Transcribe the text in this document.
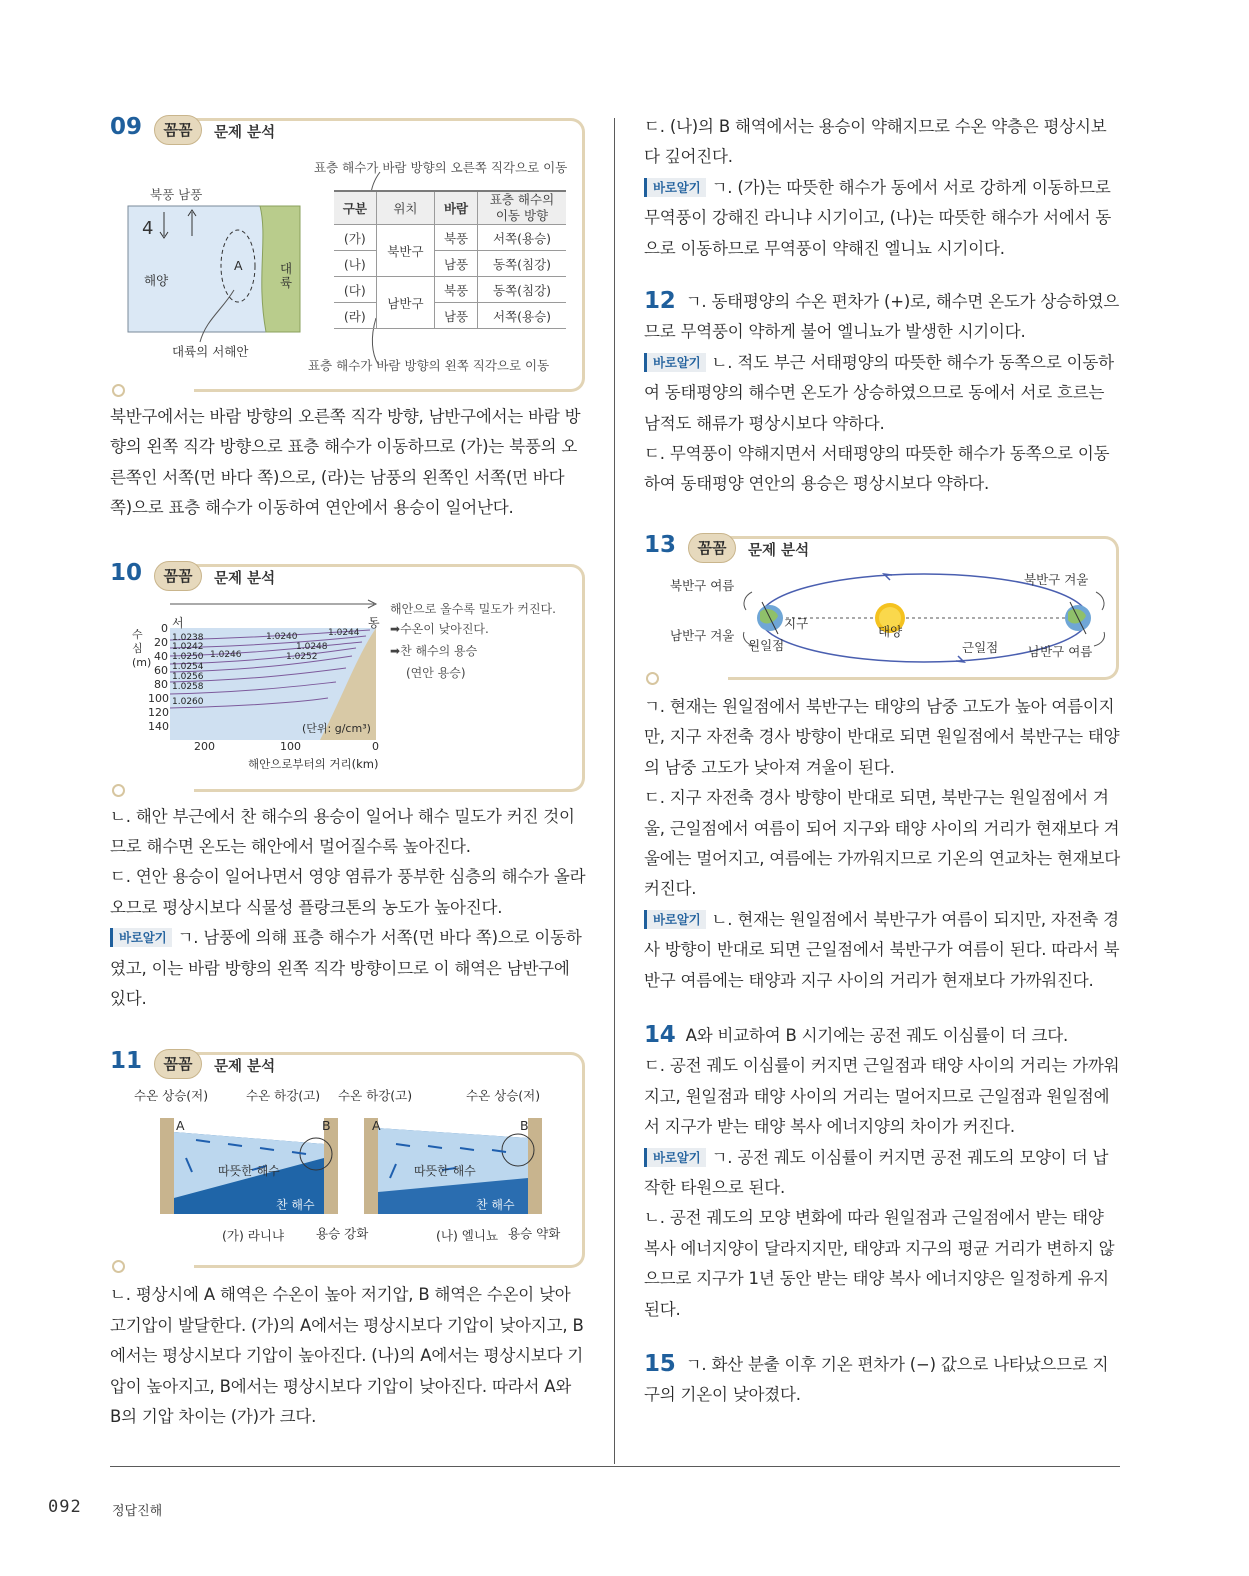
09	꼼꼼	문제 분석
표층 해수가 바람 방향의 오른쪽 직각으로 이동
북풍 남풍
4
해양
A	대륙
대륙의 서해안
구분	위치	바람	표층 해수의 이동 방향
(가)	북반구	북풍	서쪽(용승)
(나)		남풍	동쪽(침강)
(다)	남반구	북풍	동쪽(침강)
(라)		남풍	서쪽(용승)
표층 해수가 바람 방향의 왼쪽 직각으로 이동

북반구에서는 바람 방향의 오른쪽 직각 방향, 남반구에서는 바람 방향의 왼쪽 직각 방향으로 표층 해수가 이동하므로 (가)는 북풍의 오른쪽인 서쪽(먼 바다 쪽)으로, (라)는 남풍의 왼쪽인 서쪽(먼 바다 쪽)으로 표층 해수가 이동하여 연안에서 용승이 일어난다.

10	꼼꼼	문제 분석
서	동
수심(m)
0
20
40
60
80
100
120
140
1.0238
1.0242
1.0250
1.0254
1.0256
1.0258
1.0260
1.0246
1.0240	1.0244
1.0248
1.0252
(단위: g/cm³)
200	100	0
해안으로부터의 거리(km)
해안으로 올수록 밀도가 커진다.
➡수온이 낮아진다.
➡찬 해수의 용승
(연안 용승)

ㄴ. 해안 부근에서 찬 해수의 용승이 일어나 해수 밀도가 커진 것이므로 해수면 온도는 해안에서 멀어질수록 높아진다.

ㄷ. 연안 용승이 일어나면서 영양 염류가 풍부한 심층의 해수가 올라오므로 평상시보다 식물성 플랑크톤의 농도가 높아진다.

바로알기 ㄱ. 남풍에 의해 표층 해수가 서쪽(먼 바다 쪽)으로 이동하였고, 이는 바람 방향의 왼쪽 직각 방향이므로 이 해역은 남반구에 있다.

11	꼼꼼	문제 분석
수온 상승(저)	수온 하강(고) 수온 하강(고)	수온 상승(저)
A	B	A	B
따뜻한 해수	따뜻한 해수
찬 해수	찬 해수
(가) 라니냐	용승 강화	(나) 엘니뇨 용승 약화

ㄴ. 평상시에 A 해역은 수온이 높아 저기압, B 해역은 수온이 낮아 고기압이 발달한다. (가)의 A에서는 평상시보다 기압이 낮아지고, B에서는 평상시보다 기압이 높아진다. (나)의 A에서는 평상시보다 기압이 높아지고, B에서는 평상시보다 기압이 낮아진다. 따라서 A와 B의 기압 차이는 (가)가 크다.

ㄷ. (나)의 B 해역에서는 용승이 약해지므로 수온 약층은 평상시보다 깊어진다.

바로알기 ㄱ. (가)는 따뜻한 해수가 동에서 서로 강하게 이동하므로 무역풍이 강해진 라니냐 시기이고, (나)는 따뜻한 해수가 서에서 동으로 이동하므로 무역풍이 약해진 엘니뇨 시기이다.

12 ㄱ. 동태평양의 수온 편차가 (+)로, 해수면 온도가 상승하였으므로 무역풍이 약하게 불어 엘니뇨가 발생한 시기이다.

바로알기 ㄴ. 적도 부근 서태평양의 따뜻한 해수가 동쪽으로 이동하여 동태평양의 해수면 온도가 상승하였으므로 동에서 서로 흐르는 남적도 해류가 평상시보다 약하다.

ㄷ. 무역풍이 약해지면서 서태평양의 따뜻한 해수가 동쪽으로 이동하여 동태평양 연안의 용승은 평상시보다 약하다.

13	꼼꼼	문제 분석
북반구 여름
남반구 겨울
지구
원일점
태양
근일점
북반구 겨울
남반구 여름

ㄱ. 현재는 원일점에서 북반구는 태양의 남중 고도가 높아 여름이지만, 지구 자전축 경사 방향이 반대로 되면 원일점에서 북반구는 태양의 남중 고도가 낮아져 겨울이 된다.

ㄷ. 지구 자전축 경사 방향이 반대로 되면, 북반구는 원일점에서 겨울, 근일점에서 여름이 되어 지구와 태양 사이의 거리가 현재보다 겨울에는 멀어지고, 여름에는 가까워지므로 기온의 연교차는 현재보다 커진다.

바로알기 ㄴ. 현재는 원일점에서 북반구가 여름이 되지만, 자전축 경사 방향이 반대로 되면 근일점에서 북반구가 여름이 된다. 따라서 북반구 여름에는 태양과 지구 사이의 거리가 현재보다 가까워진다.

14 A와 비교하여 B 시기에는 공전 궤도 이심률이 더 크다.

ㄷ. 공전 궤도 이심률이 커지면 근일점과 태양 사이의 거리는 가까워지고, 원일점과 태양 사이의 거리는 멀어지므로 근일점과 원일점에서 지구가 받는 태양 복사 에너지양의 차이가 커진다.

바로알기 ㄱ. 공전 궤도 이심률이 커지면 공전 궤도의 모양이 더 납작한 타원으로 된다.

ㄴ. 공전 궤도의 모양 변화에 따라 원일점과 근일점에서 받는 태양 복사 에너지양이 달라지지만, 태양과 지구의 평균 거리가 변하지 않으므로 지구가 1년 동안 받는 태양 복사 에너지양은 일정하게 유지된다.

15 ㄱ. 화산 분출 이후 기온 편차가 (−) 값으로 나타났으므로 지구의 기온이 낮아졌다.

092 정답진해
